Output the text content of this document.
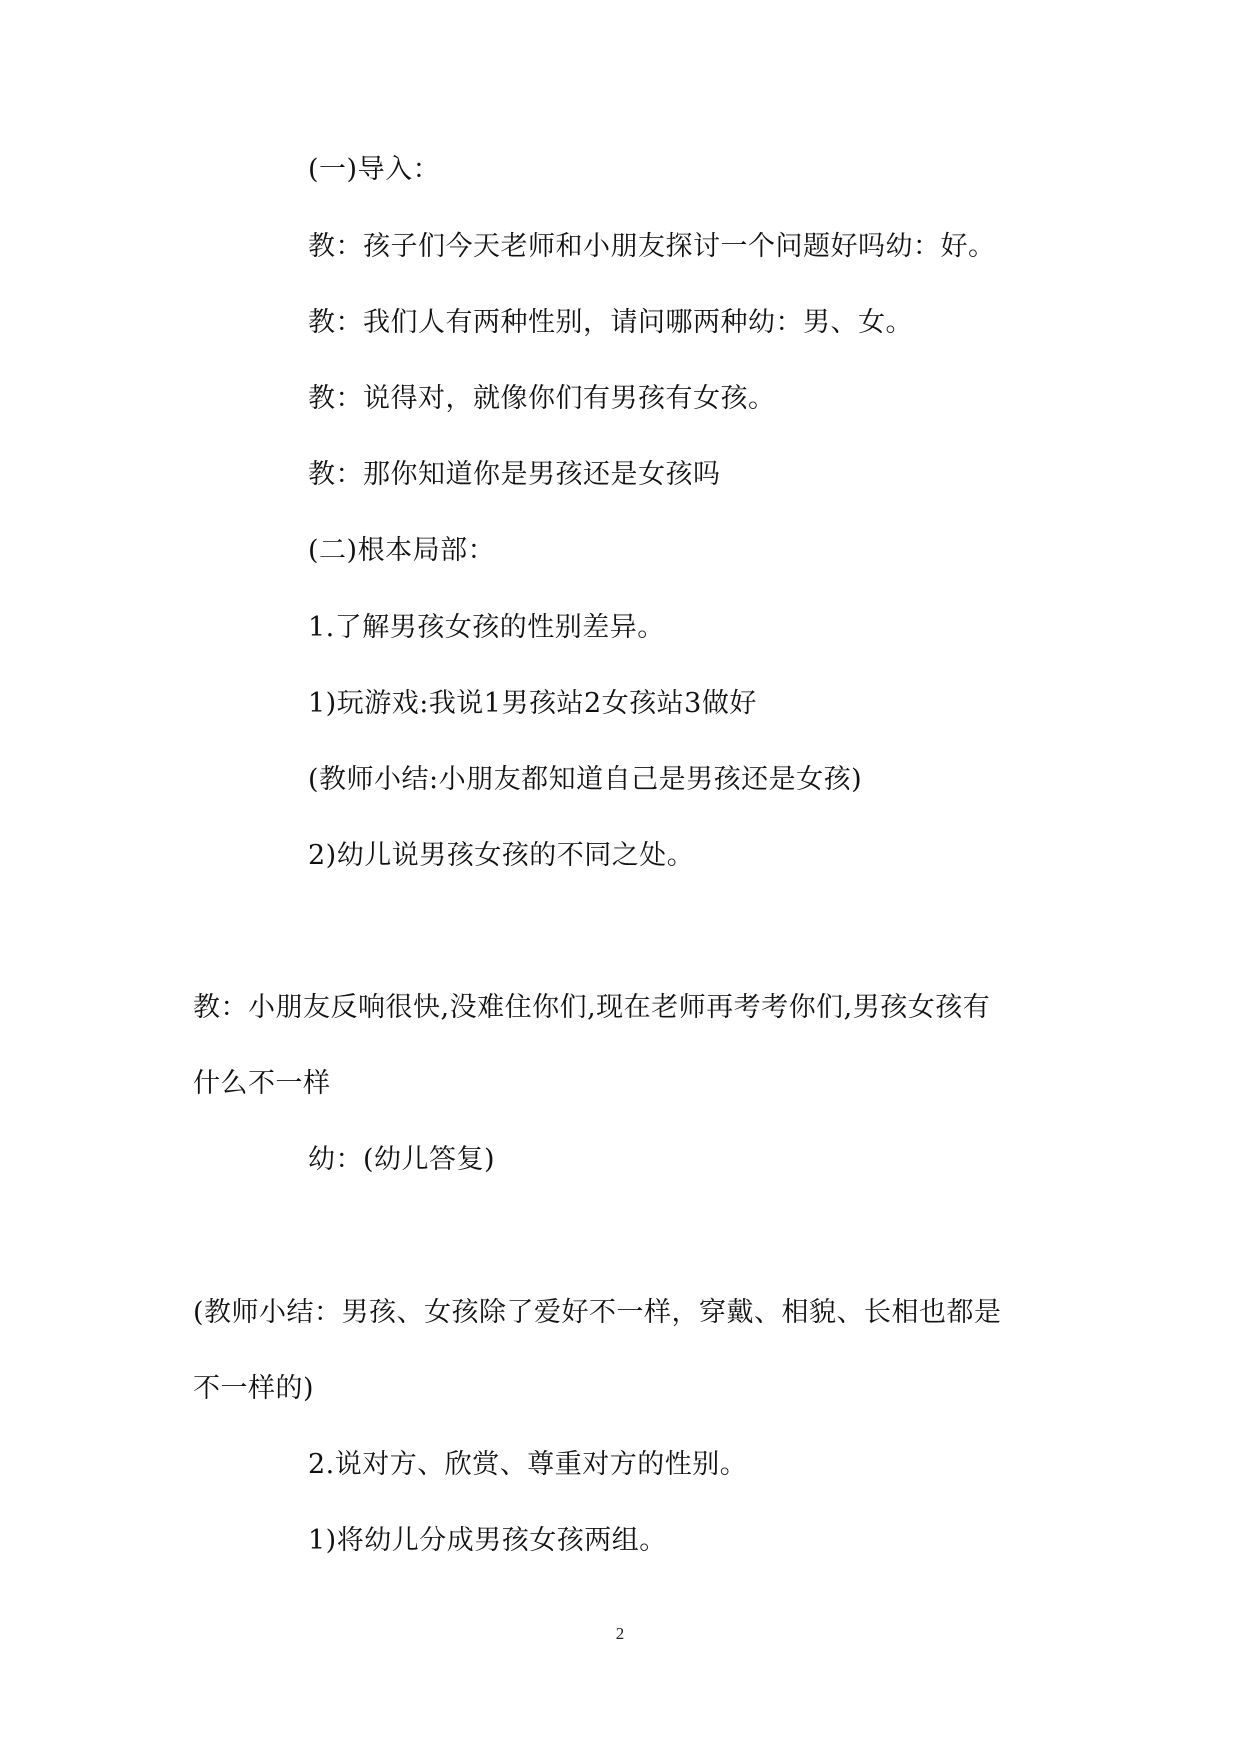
(一)导入：
教：孩子们今天老师和小朋友探讨一个问题好吗幼：好。
教：我们人有两种性别，请问哪两种幼：男、女。
教：说得对，就像你们有男孩有女孩。
教：那你知道你是男孩还是女孩吗
(二)根本局部：
1.了解男孩女孩的性别差异。
1)玩游戏:我说1男孩站2女孩站3做好
(教师小结:小朋友都知道自己是男孩还是女孩)
2)幼儿说男孩女孩的不同之处。
教：小朋友反响很快,没难住你们,现在老师再考考你们,男孩女孩有
什么不一样
幼：(幼儿答复)
(教师小结：男孩、女孩除了爱好不一样，穿戴、相貌、长相也都是
不一样的)
2.说对方、欣赏、尊重对方的性别。
1)将幼儿分成男孩女孩两组。
2
